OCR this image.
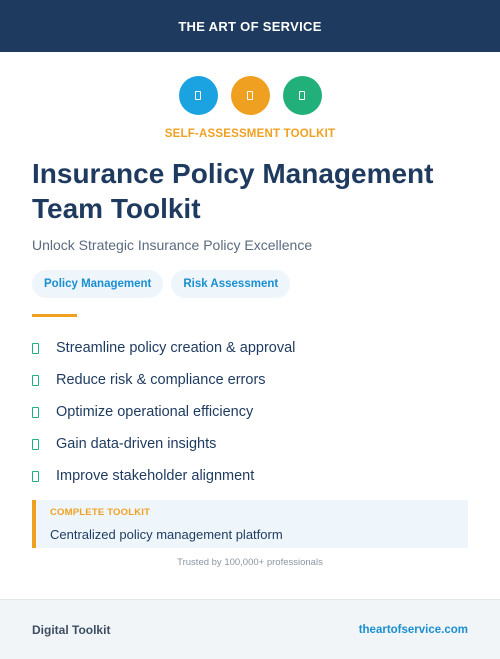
THE ART OF SERVICE
SELF-ASSESSMENT TOOLKIT
Insurance Policy Management Team Toolkit

Unlock Strategic Insurance Policy Excellence

Policy Management	Risk Assessment
Streamline policy creation & approval
Reduce risk & compliance errors
Optimize operational efficiency
Gain data-driven insights
Improve stakeholder alignment
COMPLETE TOOLKIT
Centralized policy management platform
Trusted by 100,000+ professionals
Digital Toolkit	theartofservice.com
